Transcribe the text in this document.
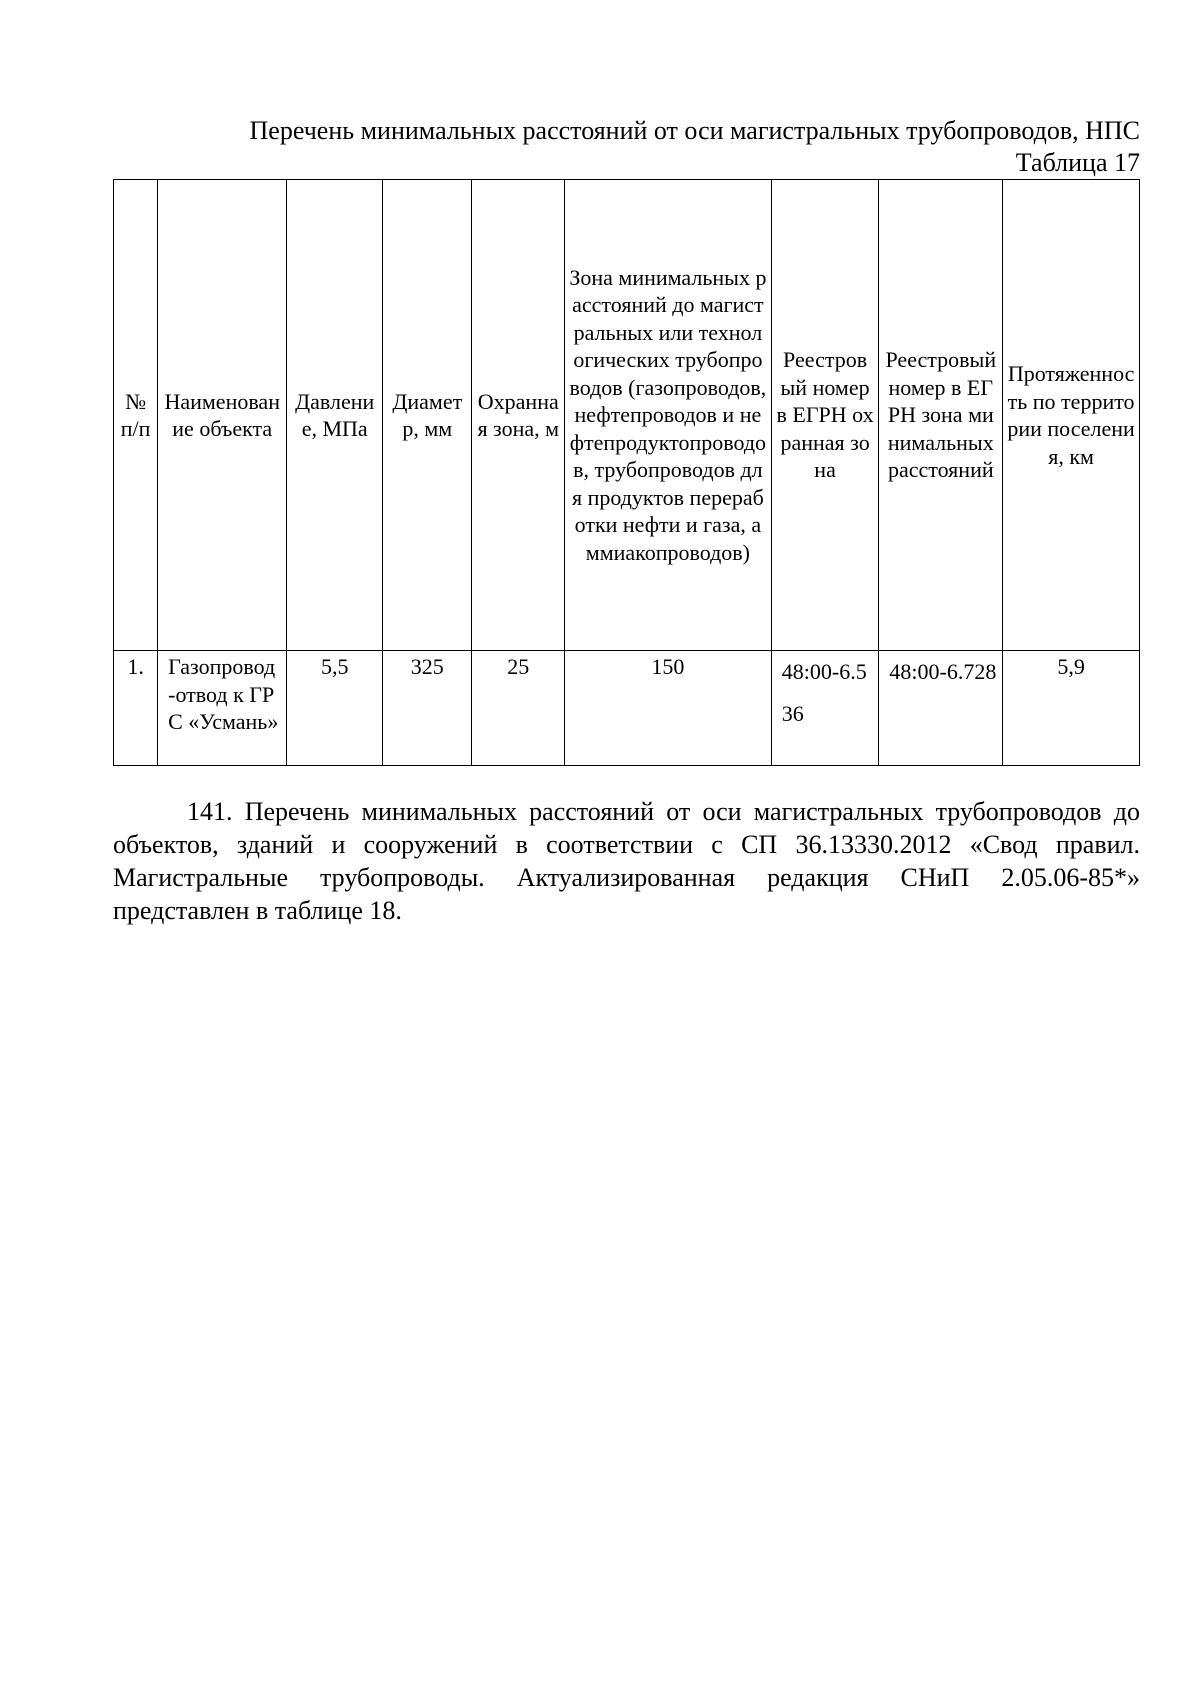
Перечень минимальных расстояний от оси магистральных трубопроводов, НПС
Таблица 17
№ п/п	Наименование объекта	Давление, МПа	Диаметр, мм	Охранная зона, м	Зона минимальных расстояний до магистральных или технологических трубопроводов (газопроводов, нефтепроводов и нефтепродуктопроводов, трубопроводов для продуктов переработки нефти и газа, аммиакопроводов)	Реестровый номер в ЕГРН охранная зона	Реестровый номер в ЕГРН зона минимальных расстояний	Протяженность по территории поселения, км
1.	Газопровод-отвод к ГРС «Усмань»	5,5	325	25	150	48:00-6.536	48:00-6.728	5,9

141. Перечень минимальных расстояний от оси магистральных трубопроводов до объектов, зданий и сооружений в соответствии с СП 36.13330.2012 «Свод правил. Магистральные трубопроводы. Актуализированная редакция СНиП 2.05.06-85*» представлен в таблице 18.
